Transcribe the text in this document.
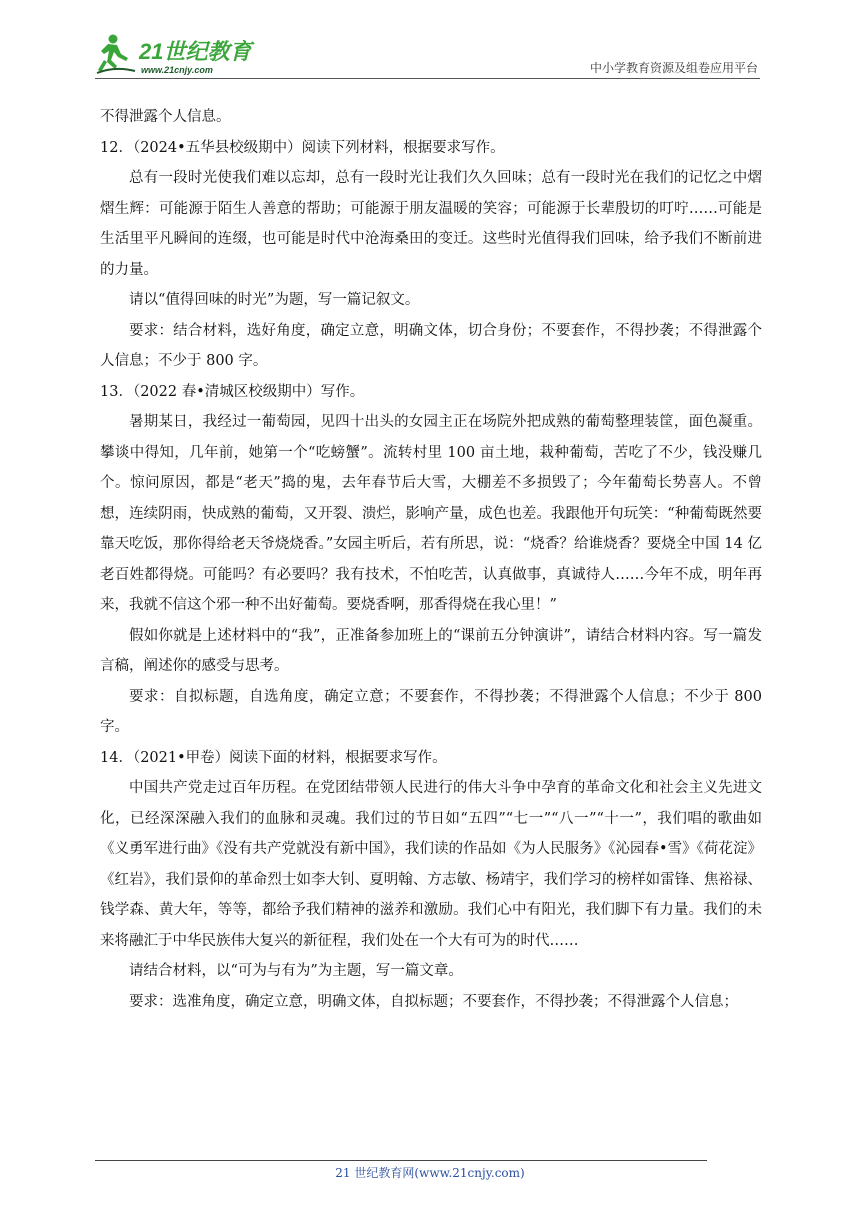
21世纪教育
www.21cnjy.com	中小学教育资源及组卷应用平台

不得泄露个人信息。

12．（2024•五华县校级期中）阅读下列材料，根据要求写作。

总有一段时光使我们难以忘却，总有一段时光让我们久久回味；总有一段时光在我们的记忆之中熠熠生辉：可能源于陌生人善意的帮助；可能源于朋友温暖的笑容；可能源于长辈殷切的叮咛……可能是生活里平凡瞬间的连缀，也可能是时代中沧海桑田的变迁。这些时光值得我们回味，给予我们不断前进的力量。

请以“值得回味的时光”为题，写一篇记叙文。

要求：结合材料，选好角度，确定立意，明确文体，切合身份；不要套作，不得抄袭；不得泄露个人信息；不少于 800 字。

13．（2022 春•清城区校级期中）写作。

暑期某日，我经过一葡萄园，见四十出头的女园主正在场院外把成熟的葡萄整理装筐，面色凝重。攀谈中得知，几年前，她第一个“吃螃蟹”。流转村里 100 亩土地，栽种葡萄，苦吃了不少，钱没赚几个。惊问原因，都是“老天”捣的鬼，去年春节后大雪，大棚差不多损毁了；今年葡萄长势喜人。不曾想，连续阴雨，快成熟的葡萄，又开裂、溃烂，影响产量，成色也差。我跟他开句玩笑：“种葡萄既然要靠天吃饭，那你得给老天爷烧烧香。”女园主听后，若有所思，说：“烧香？给谁烧香？要烧全中国 14 亿老百姓都得烧。可能吗？有必要吗？我有技术，不怕吃苦，认真做事，真诚待人……今年不成，明年再来，我就不信这个邪一种不出好葡萄。要烧香啊，那香得烧在我心里！”

假如你就是上述材料中的“我”，正准备参加班上的“课前五分钟演讲”，请结合材料内容。写一篇发言稿，阐述你的感受与思考。

要求：自拟标题，自选角度，确定立意；不要套作，不得抄袭；不得泄露个人信息；不少于 800 字。

14．（2021•甲卷）阅读下面的材料，根据要求写作。

中国共产党走过百年历程。在党团结带领人民进行的伟大斗争中孕育的革命文化和社会主义先进文化，已经深深融入我们的血脉和灵魂。我们过的节日如“五四”“七一”“八一”“十一”，我们唱的歌曲如《义勇军进行曲》《没有共产党就没有新中国》，我们读的作品如《为人民服务》《沁园春•雪》《荷花淀》《红岩》，我们景仰的革命烈士如李大钊、夏明翰、方志敏、杨靖宇，我们学习的榜样如雷锋、焦裕禄、钱学森、黄大年，等等，都给予我们精神的滋养和激励。我们心中有阳光，我们脚下有力量。我们的未来将融汇于中华民族伟大复兴的新征程，我们处在一个大有可为的时代……

请结合材料，以“可为与有为”为主题，写一篇文章。

要求：选准角度，确定立意，明确文体，自拟标题；不要套作，不得抄袭；不得泄露个人信息；

21 世纪教育网(www.21cnjy.com)
